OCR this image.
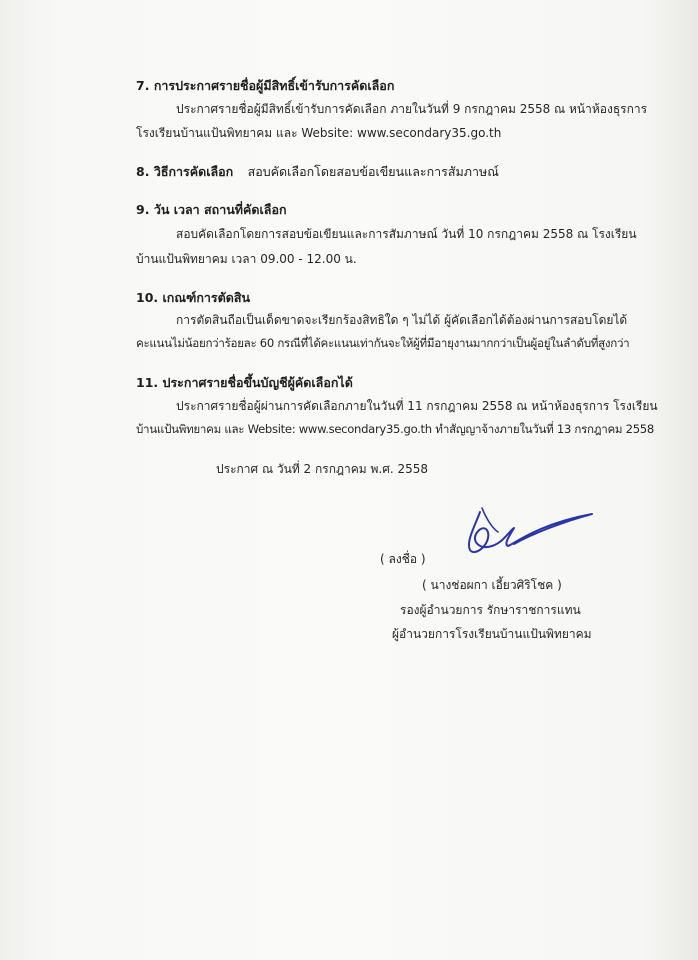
7. การประกาศรายชื่อผู้มีสิทธิ์เข้ารับการคัดเลือก
ประกาศรายชื่อผู้มีสิทธิ์เข้ารับการคัดเลือก ภายในวันที่ 9 กรกฎาคม 2558 ณ หน้าห้องธุรการ
โรงเรียนบ้านแป้นพิทยาคม และ Website: www.secondary35.go.th
8. วิธีการคัดเลือก สอบคัดเลือกโดยสอบข้อเขียนและการสัมภาษณ์
9. วัน เวลา สถานที่คัดเลือก
สอบคัดเลือกโดยการสอบข้อเขียนและการสัมภาษณ์ วันที่ 10 กรกฎาคม 2558 ณ โรงเรียน
บ้านแป้นพิทยาคม เวลา 09.00 - 12.00 น.
10. เกณฑ์การตัดสิน
การตัดสินถือเป็นเด็ดขาดจะเรียกร้องสิทธิใด ๆ ไม่ได้ ผู้คัดเลือกได้ต้องผ่านการสอบโดยได้
คะแนนไม่น้อยกว่าร้อยละ 60 กรณีที่ได้คะแนนเท่ากันจะให้ผู้ที่มีอายุงานมากกว่าเป็นผู้อยู่ในลำดับที่สูงกว่า
11. ประกาศรายชื่อขึ้นบัญชีผู้คัดเลือกได้
ประกาศรายชื่อผู้ผ่านการคัดเลือกภายในวันที่ 11 กรกฎาคม 2558 ณ หน้าห้องธุรการ โรงเรียน
บ้านแป้นพิทยาคม และ Website: www.secondary35.go.th ทำสัญญาจ้างภายในวันที่ 13 กรกฎาคม 2558
ประกาศ ณ วันที่ 2 กรกฎาคม พ.ศ. 2558
( ลงชื่อ )
( นางช่อผกา เอี้ยวศิริโชค )
รองผู้อำนวยการ รักษาราชการแทน
ผู้อำนวยการโรงเรียนบ้านแป้นพิทยาคม
